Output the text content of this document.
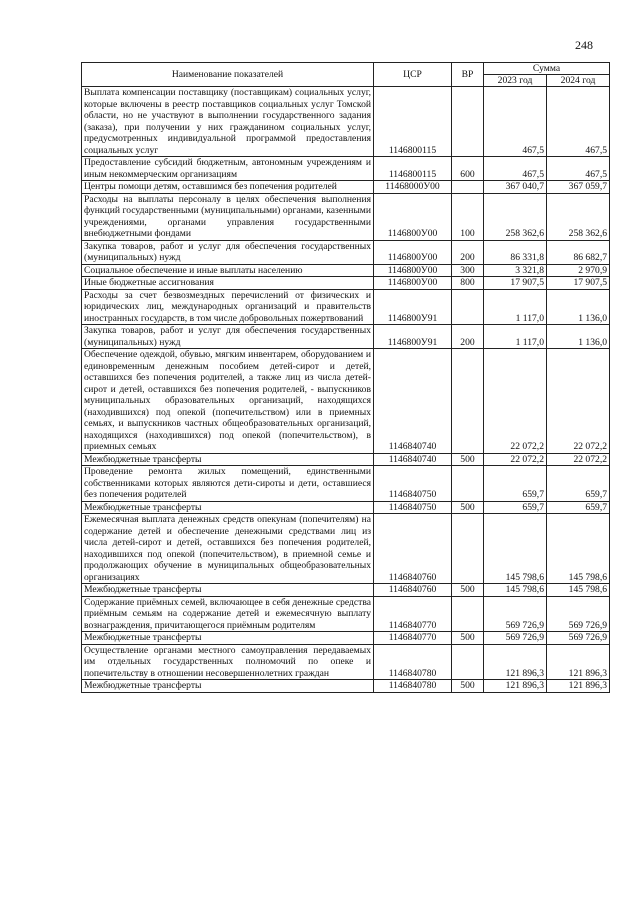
248
Наименование показателей	ЦСР	ВР	Сумма	
			2023 год	2024 год
Выплата компенсации поставщику (поставщикам) социальных услуг, которые включены в реестр поставщиков социальных услуг Томской области, но не участвуют в выполнении государственного задания (заказа), при получении у них гражданином социальных услуг, предусмотренных индивидуальной программой предоставления социальных услуг	1146800115		467,5	467,5
Предоставление субсидий бюджетным, автономным учреждениям и иным некоммерческим организациям	1146800115	600	467,5	467,5
Центры помощи детям, оставшимся без попечения родителей	11468000У00		367 040,7	367 059,7
Расходы на выплаты персоналу в целях обеспечения выполнения функций государственными (муниципальными) органами, казенными учреждениями, органами управления государственными внебюджетными фондами	1146800У00	100	258 362,6	258 362,6
Закупка товаров, работ и услуг для обеспечения государственных (муниципальных) нужд	1146800У00	200	86 331,8	86 682,7
Социальное обеспечение и иные выплаты населению	1146800У00	300	3 321,8	2 970,9
Иные бюджетные ассигнования	1146800У00	800	17 907,5	17 907,5
Расходы за счет безвозмездных перечислений от физических и юридических лиц, международных организаций и правительств иностранных государств, в том числе добровольных пожертвований	1146800У91		1 117,0	1 136,0
Закупка товаров, работ и услуг для обеспечения государственных (муниципальных) нужд	1146800У91	200	1 117,0	1 136,0
Обеспечение одеждой, обувью, мягким инвентарем, оборудованием и единовременным денежным пособием детей-сирот и детей, оставшихся без попечения родителей, а также лиц из числа детей-сирот и детей, оставшихся без попечения родителей, - выпускников муниципальных образовательных организаций, находящихся (находившихся) под опекой (попечительством) или в приемных семьях, и выпускников частных общеобразовательных организаций, находящихся (находившихся) под опекой (попечительством), в приемных семьях	1146840740		22 072,2	22 072,2
Межбюджетные трансферты	1146840740	500	22 072,2	22 072,2
Проведение ремонта жилых помещений, единственными собственниками которых являются дети-сироты и дети, оставшиеся без попечения родителей	1146840750		659,7	659,7
Межбюджетные трансферты	1146840750	500	659,7	659,7
Ежемесячная выплата денежных средств опекунам (попечителям) на содержание детей и обеспечение денежными средствами лиц из числа детей-сирот и детей, оставшихся без попечения родителей, находившихся под опекой (попечительством), в приемной семье и продолжающих обучение в муниципальных общеобразовательных организациях	1146840760		145 798,6	145 798,6
Межбюджетные трансферты	1146840760	500	145 798,6	145 798,6
Содержание приёмных семей, включающее в себя денежные средства приёмным семьям на содержание детей и ежемесячную выплату вознаграждения, причитающегося приёмным родителям	1146840770		569 726,9	569 726,9
Межбюджетные трансферты	1146840770	500	569 726,9	569 726,9
Осуществление органами местного самоуправления передаваемых им отдельных государственных полномочий по опеке и попечительству в отношении несовершеннолетних граждан	1146840780		121 896,3	121 896,3
Межбюджетные трансферты	1146840780	500	121 896,3	121 896,3
